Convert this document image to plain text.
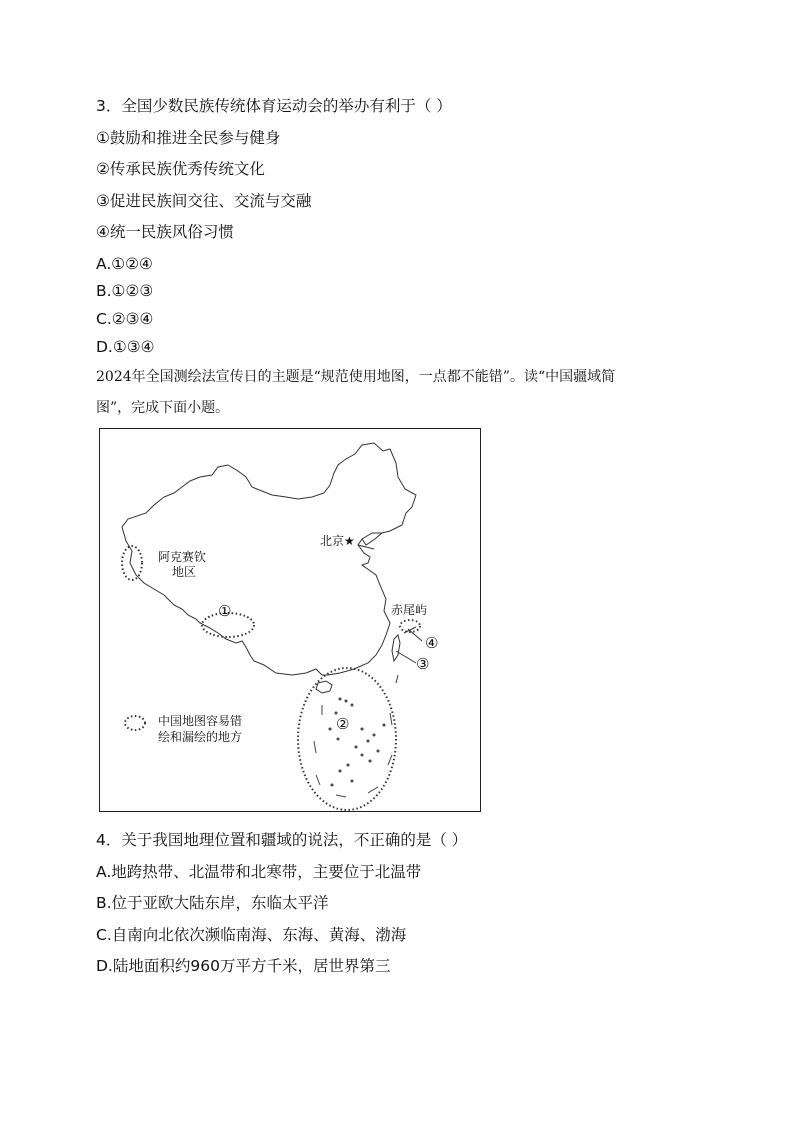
3．全国少数民族传统体育运动会的举办有利于（ ）
①鼓励和推进全民参与健身
②传承民族优秀传统文化
③促进民族间交往、交流与交融
④统一民族风俗习惯
A.①②④
B.①②③
C.②③④
D.①③④
2024年全国测绘法宣传日的主题是“规范使用地图，一点都不能错”。读“中国疆域简
图”，完成下面小题。
北京★
阿克赛钦
地区
①	赤尾屿
④
③
②
中国地图容易错
绘和漏绘的地方
4．关于我国地理位置和疆域的说法，不正确的是（ ）
A.地跨热带、北温带和北寒带，主要位于北温带
B.位于亚欧大陆东岸，东临太平洋
C.自南向北依次濒临南海、东海、黄海、渤海
D.陆地面积约960万平方千米，居世界第三
